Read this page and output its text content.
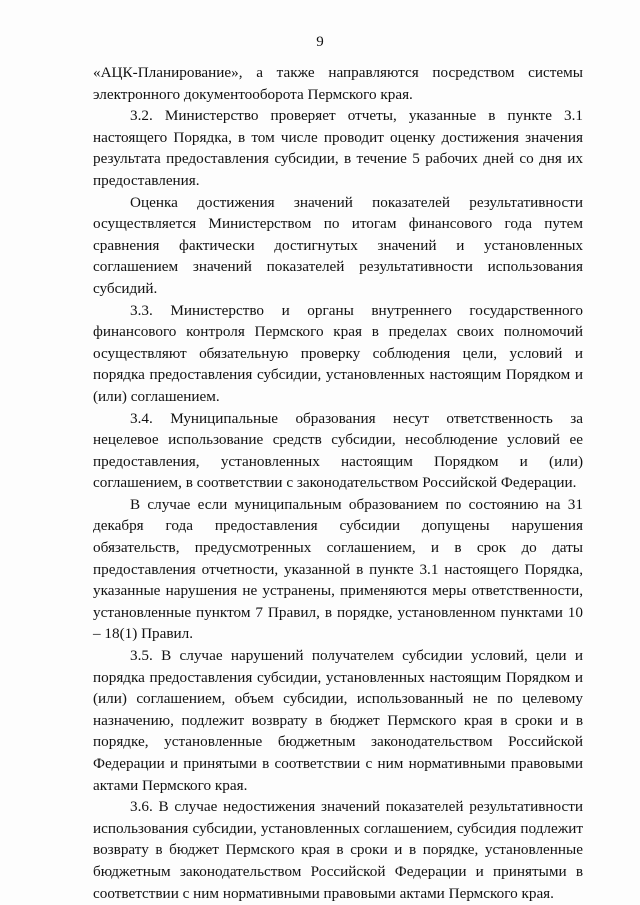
9

«АЦК-Планирование», а также направляются посредством системы электронного документооборота Пермского края.

3.2. Министерство проверяет отчеты, указанные в пункте 3.1 настоящего Порядка, в том числе проводит оценку достижения значения результата предоставления субсидии, в течение 5 рабочих дней со дня их предоставления.

Оценка достижения значений показателей результативности осуществляется Министерством по итогам финансового года путем сравнения фактически достигнутых значений и установленных соглашением значений показателей результативности использования субсидий.

3.3. Министерство и органы внутреннего государственного финансового контроля Пермского края в пределах своих полномочий осуществляют обязательную проверку соблюдения цели, условий и порядка предоставления субсидии, установленных настоящим Порядком и (или) соглашением.

3.4. Муниципальные образования несут ответственность за нецелевое использование средств субсидии, несоблюдение условий ее предоставления, установленных настоящим Порядком и (или) соглашением, в соответствии с законодательством Российской Федерации.

В случае если муниципальным образованием по состоянию на 31 декабря года предоставления субсидии допущены нарушения обязательств, предусмотренных соглашением, и в срок до даты предоставления отчетности, указанной в пункте 3.1 настоящего Порядка, указанные нарушения не устранены, применяются меры ответственности, установленные пунктом 7 Правил, в порядке, установленном пунктами 10 – 18(1) Правил.

3.5. В случае нарушений получателем субсидии условий, цели и порядка предоставления субсидии, установленных настоящим Порядком и (или) соглашением, объем субсидии, использованный не по целевому назначению, подлежит возврату в бюджет Пермского края в сроки и в порядке, установленные бюджетным законодательством Российской Федерации и принятыми в соответствии с ним нормативными правовыми актами Пермского края.

3.6. В случае недостижения значений показателей результативности использования субсидии, установленных соглашением, субсидия подлежит возврату в бюджет Пермского края в сроки и в порядке, установленные бюджетным законодательством Российской Федерации и принятыми в соответствии с ним нормативными правовыми актами Пермского края.
